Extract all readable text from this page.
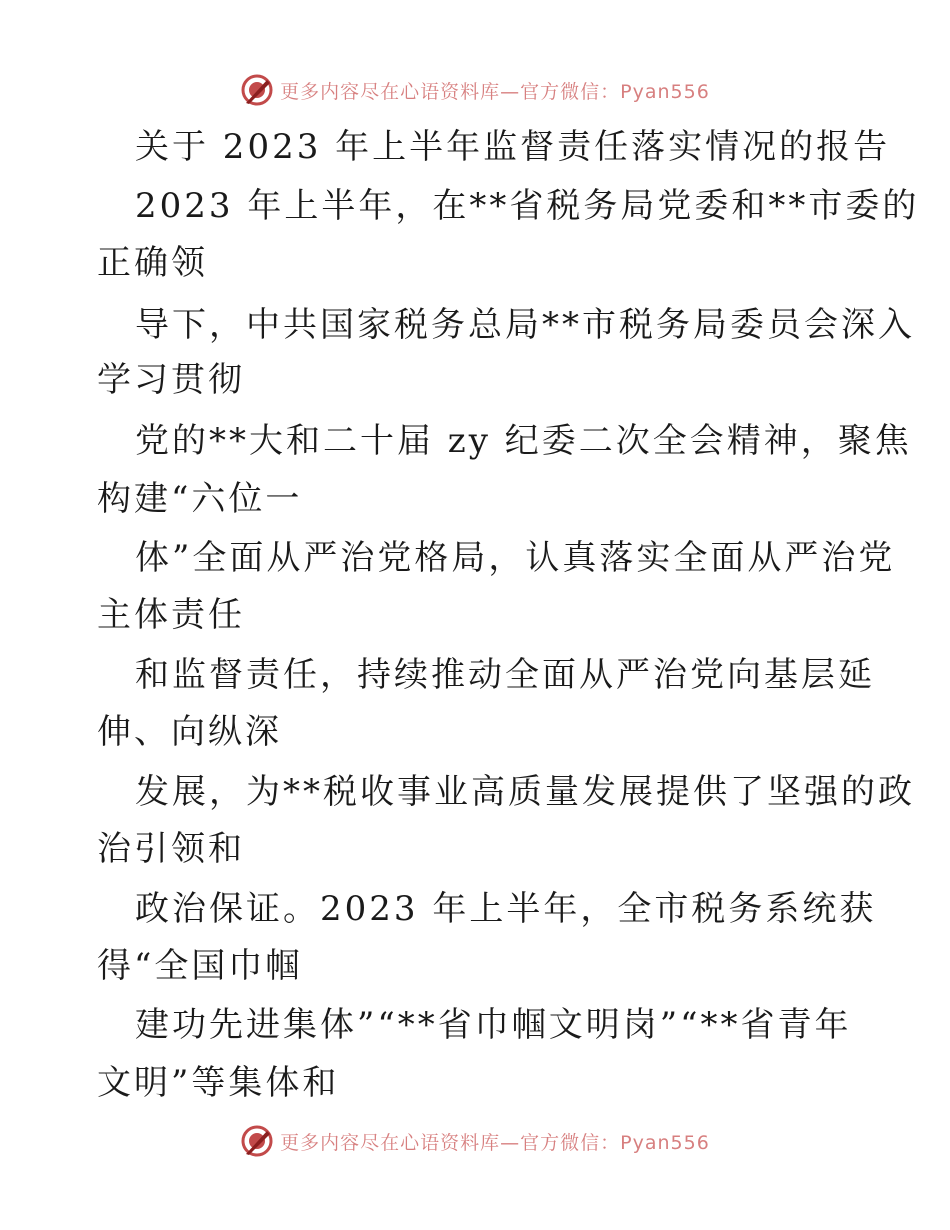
更多内容尽在心语资料库—官方微信：Pyan556
关于 2023 年上半年监督责任落实情况的报告
2023 年上半年，在**省税务局党委和**市委的
正确领
导下，中共国家税务总局**市税务局委员会深入
学习贯彻
党的**大和二十届 zy 纪委二次全会精神，聚焦
构建“六位一
体”全面从严治党格局，认真落实全面从严治党
主体责任
和监督责任，持续推动全面从严治党向基层延
伸、向纵深
发展，为**税收事业高质量发展提供了坚强的政
治引领和
政治保证。2023 年上半年，全市税务系统获
得“全国巾帼
建功先进集体”“**省巾帼文明岗”“**省青年
文明”等集体和
更多内容尽在心语资料库—官方微信：Pyan556
